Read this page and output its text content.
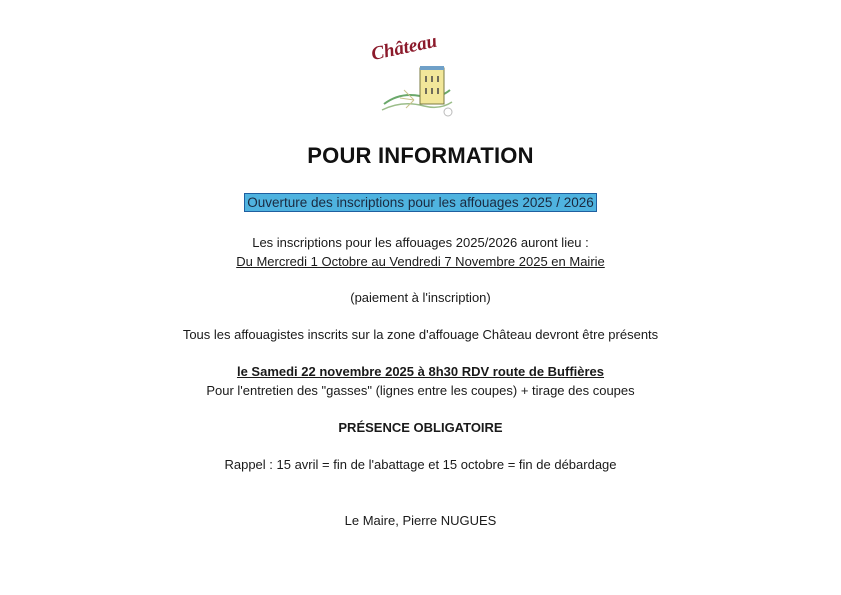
Château
POUR INFORMATION
Ouverture des inscriptions pour les affouages 2025 / 2026
Les inscriptions pour les affouages 2025/2026 auront lieu :
Du Mercredi 1 Octobre au Vendredi 7 Novembre 2025 en Mairie
(paiement à l'inscription)
Tous les affouagistes inscrits sur la zone d'affouage Château devront être présents
le Samedi 22 novembre 2025 à 8h30 RDV route de Buffières
Pour l'entretien des "gasses" (lignes entre les coupes) + tirage des coupes
PRÉSENCE OBLIGATOIRE
Rappel : 15 avril = fin de l'abattage et 15 octobre = fin de débardage
Le Maire, Pierre NUGUES
